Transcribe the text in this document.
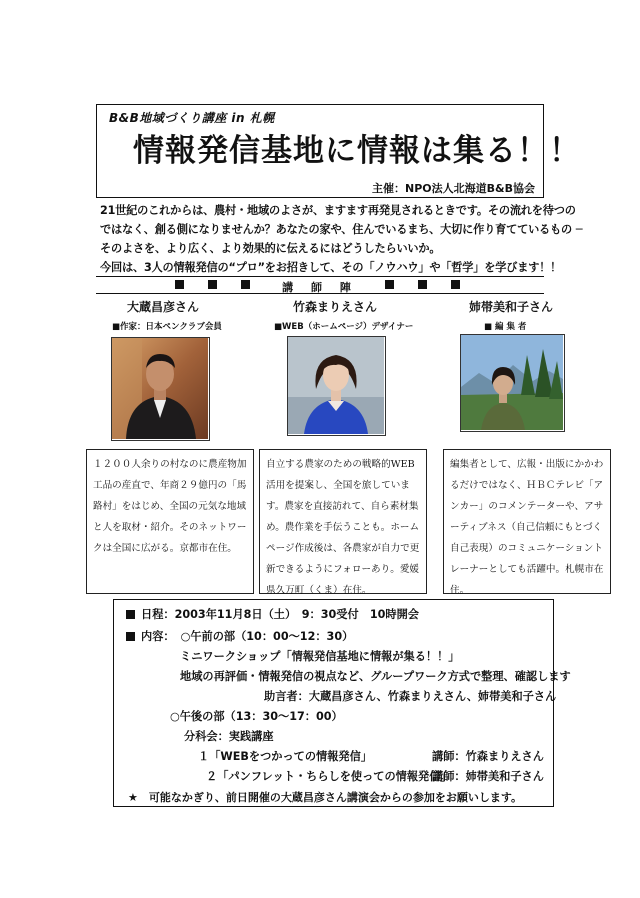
B&B地域づくり講座 in 札幌
情報発信基地に情報は集る！！
主催：NPO法人北海道B&B協会
21世紀のこれからは、農村・地域のよさが、ますます再発見されるときです。その流れを待つの
ではなく、創る側になりませんか？あなたの家や、住んでいるまち、大切に作り育てているもの ─
そのよさを、より広く、より効果的に伝えるにはどうしたらいいか。
今回は、3人の情報発信の“プロ”をお招きして、その「ノウハウ」や「哲学」を学びます！！
講 師 陣
大蔵昌彦さん
■作家：日本ペンクラブ会員
１２００人余りの村なのに農産物加工品の産直で、年商２９億円の「馬路村」をはじめ、全国の元気な地域と人を取材・紹介。そのネットワークは全国に広がる。京都市在住。
竹森まりえさん
■WEB（ホームページ）デザイナー
自立する農家のための戦略的WEB活用を提案し、全国を旅しています。農家を直接訪れて、自ら素材集め。農作業を手伝うことも。ホームページ作成後は、各農家が自力で更新できるようにフォローあり。愛媛県久万町（くま）在住。
姉帯美和子さん
■ 編 集 者
編集者として、広報・出版にかかわるだけではなく、ＨＢＣテレビ「アンカー」のコメンテーターや、アサーティブネス（自己信頼にもとづく自己表現）のコミュニケーショントレーナーとしても活躍中。札幌市在住。
日程：2003年11月8日（土）　9：30受付　10時開会
内容： ○午前の部（10：00～12：30）
ミニワークショップ「情報発信基地に情報が集る！！」
地域の再評価・情報発信の視点など、グループワーク方式で整理、確認します
助言者：大蔵昌彦さん、竹森まりえさん、姉帯美和子さん
○午後の部（13：30～17：00）
分科会：実践講座
１「WEBをつかっての情報発信」	講師：竹森まりえさん
２「パンフレット・ちらしを使っての情報発信」
講師：姉帯美和子さん
★　可能なかぎり、前日開催の大蔵昌彦さん講演会からの参加をお願いします。
